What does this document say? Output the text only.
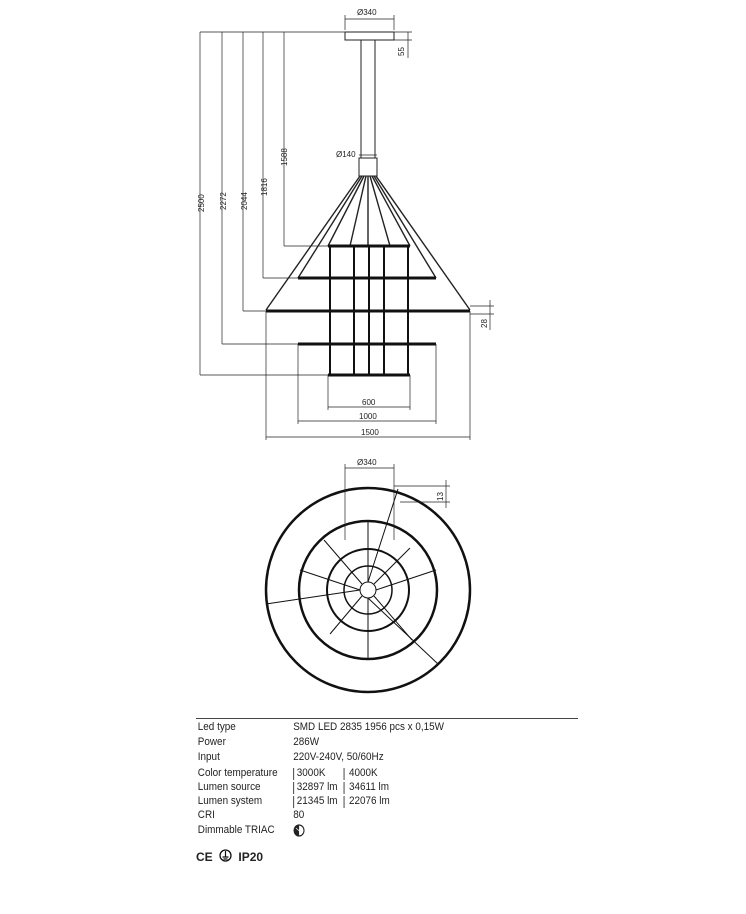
Ø340
55
Ø140
2500 2272 2044
1816
1588
28
600
1000
1500
Ø340
13
Led type	SMD LED 2835 1956 pcs x 0,15W
Power	286W
Input	220V-240V, 50/60Hz
Color temperature 3000K 4000K
Lumen source	32897 lm 34611 lm
Lumen system	21345 lm 22076 lm
CRI	80
Dimmable TRIAC
CE IP20
